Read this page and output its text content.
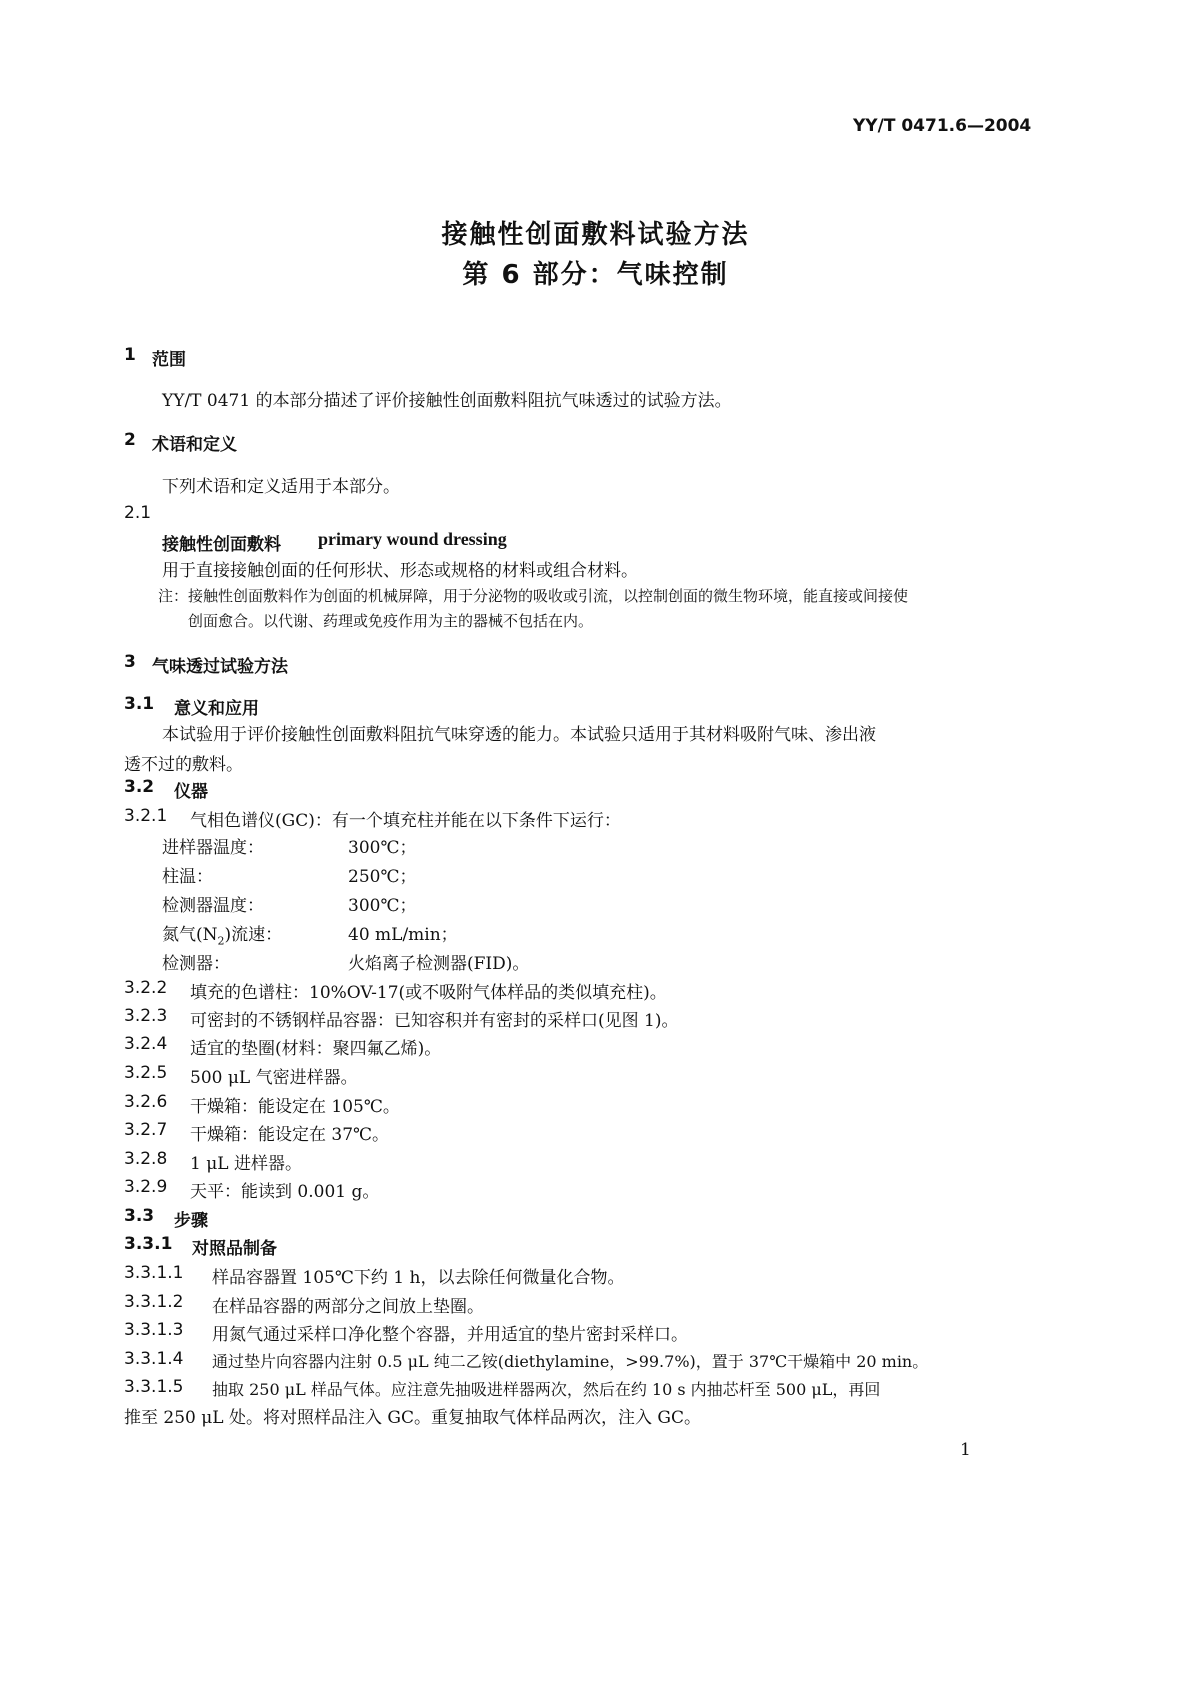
YY/T 0471.6—2004
接触性创面敷料试验方法
第 6 部分：气味控制
1 范围
YY/T 0471 的本部分描述了评价接触性创面敷料阻抗气味透过的试验方法。
2 术语和定义
下列术语和定义适用于本部分。
2.1
接触性创面敷料 primary wound dressing
用于直接接触创面的任何形状、形态或规格的材料或组合材料。
注：接触性创面敷料作为创面的机械屏障，用于分泌物的吸收或引流，以控制创面的微生物环境，能直接或间接使
创面愈合。以代谢、药理或免疫作用为主的器械不包括在内。
3 气味透过试验方法
3.1 意义和应用
本试验用于评价接触性创面敷料阻抗气味穿透的能力。本试验只适用于其材料吸附气味、渗出液
透不过的敷料。
3.2 仪器
3.2.1 气相色谱仪(GC)：有一个填充柱并能在以下条件下运行：
进样器温度：	300℃；
柱温：	250℃；
检测器温度：	300℃；
氮气$(N_2)$流速：	40 mL/min；
检测器：	火焰离子检测器(FID)。
3.2.2 填充的色谱柱：10%OV-17(或不吸附气体样品的类似填充柱)。
3.2.3 可密封的不锈钢样品容器：已知容积并有密封的采样口(见图 1)。
3.2.4 适宜的垫圈(材料：聚四氟乙烯)。
3.2.5 500 μL 气密进样器。
3.2.6 干燥箱：能设定在 105℃。
3.2.7 干燥箱：能设定在 37℃。
3.2.8 1 μL 进样器。
3.2.9 天平：能读到 0.001 g。
3.3 步骤
3.3.1 对照品制备
3.3.1.1 样品容器置 105℃下约 1 h，以去除任何微量化合物。
3.3.1.2 在样品容器的两部分之间放上垫圈。
3.3.1.3 用氮气通过采样口净化整个容器，并用适宜的垫片密封采样口。
3.3.1.4 通过垫片向容器内注射 0.5 μL 纯二乙铵(diethylamine，>99.7%)，置于 37℃干燥箱中 20 min。
3.3.1.5 抽取 250 μL 样品气体。应注意先抽吸进样器两次，然后在约 10 s 内抽芯杆至 500 μL，再回
推至 250 μL 处。将对照样品注入 GC。重复抽取气体样品两次，注入 GC。
1
